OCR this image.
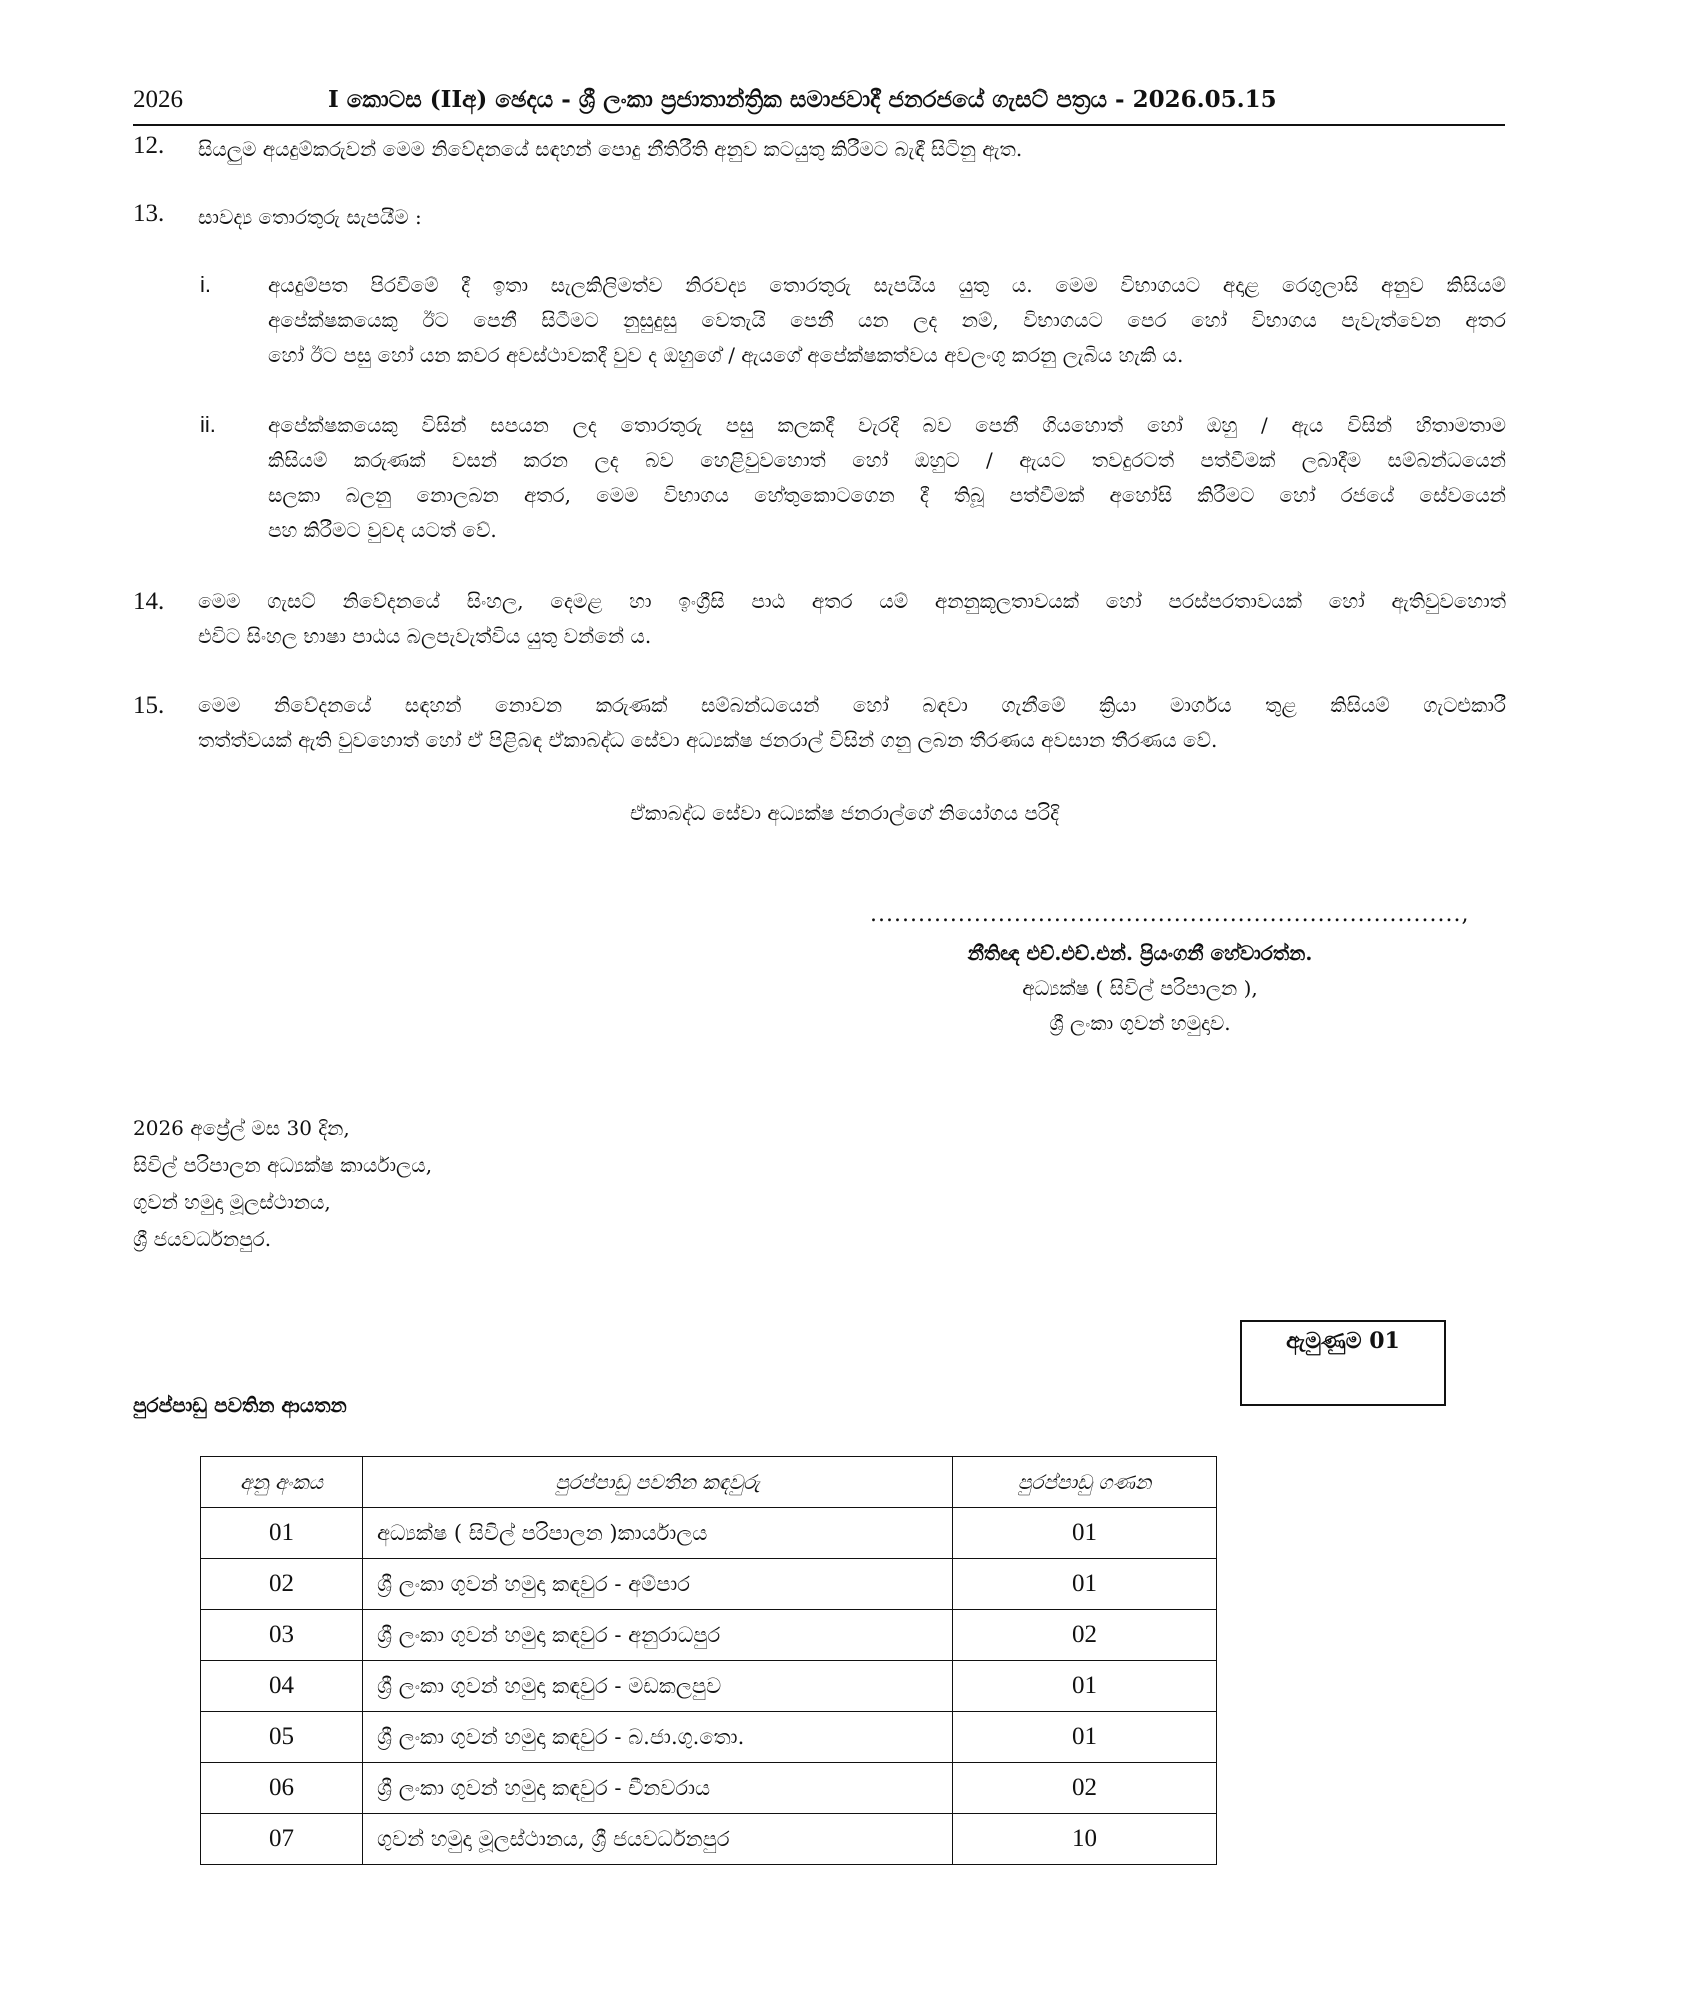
2026	I කොටස (IIඅ) ඡෙදය - ශ්‍රී ලංකා ප්‍රජාතාන්ත්‍රික සමාජවාදී ජනරජයේ ගැසට් පත්‍රය - 2026.05.15
12. සියලුම අයදුම්කරුවන් මෙම නිවේදනයේ සඳහන් පොදු නීතිරීති අනුව කටයුතු කිරීමට බැඳී සිටිනු ඇත.
13. සාවද්‍ය තොරතුරු සැපයීම :
i.	අයදුම්පත පිරවීමේ දී ඉතා සැලකිලිමත්ව නිරවද්‍ය තොරතුරු සැපයිය යුතු ය. මෙම විභාගයට අදාළ රෙගුලාසි අනුව කිසියම්
අපේක්ෂකයෙකු ඊට පෙනී සිටීමට නුසුදුසු වෙතැයි පෙනී යන ලද නම්, විභාගයට පෙර හෝ විභාගය පැවැත්වෙන අතර
හෝ ඊට පසු හෝ යන කවර අවස්ථාවකදී වුව ද ඔහුගේ / ඇයගේ අපේක්ෂකත්වය අවලංගු කරනු ලැබිය හැකි ය.
ii.	අපේක්ෂකයෙකු විසින් සපයන ලද තොරතුරු පසු කලකදී වැරදි බව පෙනී ගියහොත් හෝ ඔහු / ඇය විසින් හිතාමතාම
කිසියම් කරුණක් වසන් කරන ලද බව හෙළිවුවහොත් හෝ ඔහුට / ඇයට තවදුරටත් පත්වීමක් ලබාදීම සම්බන්ධයෙන්
සලකා බලනු නොලබන අතර, මෙම විභාගය හේතුකොටගෙන දී තිබූ පත්වීමක් අහෝසි කිරීමට හෝ රජයේ සේවයෙන්
පහ කිරීමට වුවද යටත් වේ.
14. මෙම ගැසට් නිවේදනයේ සිංහල, දෙමළ හා ඉංග්‍රීසි පාඨ අතර යම් අනනුකූලතාවයක් හෝ පරස්පරතාවයක් හෝ ඇතිවුවහොත්
එවිට සිංහල භාෂා පාඨය බලපැවැත්විය යුතු වන්නේ ය.
15. මෙම නිවේදනයේ සඳහන් නොවන කරුණක් සම්බන්ධයෙන් හෝ බඳවා ගැනීමේ ක්‍රියා මාර්ගය තුළ කිසියම් ගැටළුකාරී
තත්ත්වයක් ඇති වුවහොත් හෝ ඒ පිළිබඳ ඒකාබද්ධ සේවා අධ්‍යක්ෂ ජනරාල් විසින් ගනු ලබන තීරණය අවසාන තීරණය වේ.
ඒකාබද්ධ සේවා අධ්‍යක්ෂ ජනරාල්ගේ නියෝගය පරිදි
..........................................................................,
නීතිඥ එච්.එච්.එන්. ප්‍රියංගනී හේවාරත්න.
අධ්‍යක්ෂ ( සිවිල් පරිපාලන ),
ශ්‍රී ලංකා ගුවන් හමුදාව.
2026 අප්‍රේල් මස 30 දින,
සිවිල් පරිපාලන අධ්‍යක්ෂ කාර්යාලය,
ගුවන් හමුදා මූලස්ථානය,
ශ්‍රී ජයවර්ධනපුර.
ඇමුණුම 01
පුරප්පාඩු පවතින ආයතන
අනු අංකය	පුරප්පාඩු පවතින කඳවුරු	පුරප්පාඩු ගණන
01	අධ්‍යක්ෂ ( සිවිල් පරිපාලන )කාර්යාලය	01
02	ශ්‍රී ලංකා ගුවන් හමුදා කඳවුර - අම්පාර	01
03	ශ්‍රී ලංකා ගුවන් හමුදා කඳවුර - අනුරාධපුර	02
04	ශ්‍රී ලංකා ගුවන් හමුදා කඳවුර - මඩකලපුව	01
05	ශ්‍රී ලංකා ගුවන් හමුදා කඳවුර - බ.ජා.ගු.තො.	01
06	ශ්‍රී ලංකා ගුවන් හමුදා කඳවුර - චීනවරාය	02
07	ගුවන් හමුදා මූලස්ථානය, ශ්‍රී ජයවර්ධනපුර	10
